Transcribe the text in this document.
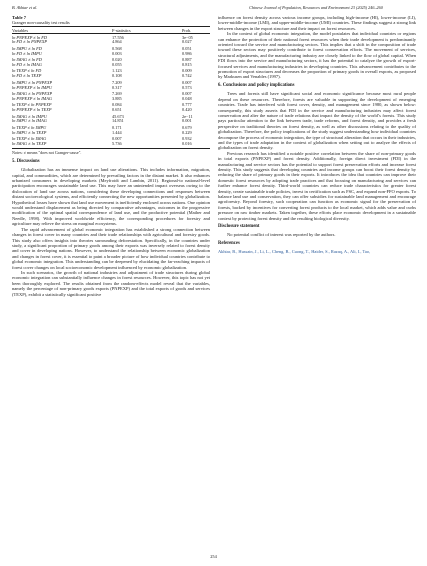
B. Akhtar et al.	Chinese Journal of Population, Resources and Environment 23 (2025) 246–260
Table 7
Granger non-causality test results
Variables	F-statistics	Prob.
ln PNPEXP ≠ ln FD	17.556	3e−05
ln FD ≠ ln PNPEXP	4.864	0.027
ln IMPU ≠ ln FD	0.568	0.051
ln FD ≠ ln IMPU	0.003	0.986
ln IMAG ≠ ln FD	0.020	0.887
ln FD ≠ ln IMAG	0.055	0.815
ln TEXP ≠ ln FD	1.123	0.009
ln FD ≠ ln TEXP	0.108	0.742
ln IMPU ≠ ln PNPEXP	7.209	0.007
ln PNPEXP ≠ ln IMPU	0.317	0.573
ln IMAG ≠ ln PNPEXP	7.269	0.007
ln PNPEXP ≠ ln IMAG	3.885	0.048
ln TEXP ≠ ln PNPEXP	0.084	0.777
ln PNPEXP ≠ ln TEXP	0.651	0.420
ln IMAG ≠ ln IMPU	45.673	2e−11
ln IMPU ≠ ln IMAG	14.851	0.001
ln TEXP ≠ ln IMPU	0.171	0.679
ln IMPU ≠ ln TEXP	1.444	0.229
ln TEXP ≠ ln IMAG	0.007	0.932
ln IMAG ≠ ln TEXP	5.736	0.016
Notes: ≠ means "does not Granger-cause".
5. Discussions

Globalization has an immense impact on land use alterations. This includes information, migration, capital, and commodities, which are determined by prevailing factors in the distant market. It also enhances urbanized consumers in developing markets (Meyfroidt and Lambin, 2011). Regional-to national-level participation encourages sustainable land use. This may have an unintended impact overseas owing to the dislocation of land use across nations, considering these developing connections and responses between distant socioecological systems, and efficiently connecting the new opportunities presented by globalization. Hypothetical losses have shown that land use movement is inefficiently enclosed across nations. One opinion would understand displacement as being directed by comparative advantages, outcomes in the progressive modification of the optimal spatial correspondence of land use, and the productive potential (Mather and Needle, 1998). With improved worldwide efficiency, the corresponding procedures for forestry and agriculture may relieve the stress on marginal ecosystems.

The rapid advancement of global economic integration has established a strong connection between changes in forest cover in many countries and their trade relationships with agricultural and forestry goods. This study also offers insights into theories surrounding deforestation. Specifically, in the countries under study, a significant proportion of primary goods among their exports was inversely related to forest density and cover in developing nations. However, to understand the relationship between economic globalization and changes in forest cover, it is essential to paint a broader picture of how individual countries contribute to global economic integration. This understanding can be deepened by elucidating the far-reaching impacts of forest cover changes on local socioeconomic development influenced by economic globalization.

In such scenarios, the growth of national industries and adjustment of trade structures during global economic integration can substantially influence changes in forest resources. However, this topic has not yet been thoroughly explored. The results obtained from the random-effects model reveal that the variables, namely the percentage of non-primary goods exports (PNPEXP) and the total exports of goods and services (TEXP), exhibit a statistically significant positive

influence on forest density across various income groups, including high-income (HI), lower-income (LI), lower-middle-income (LMI), and upper-middle-income (UMI) countries. These findings suggest a strong link between changes in the export structure and their impact on forest resources.

In the context of global economic integration, the model postulates that individual countries or regions can enhance the protection of their national forest resources when their trade development is predominantly oriented toward the service and manufacturing sectors. This implies that a shift in the composition of trade toward these sectors may positively contribute to forest conservation efforts. The movement of services, structural adjustments, and the manufacturing industry are closely linked to the flow of global capital. When FDI flows into the service and manufacturing sectors, it has the potential to catalyze the growth of export-focused services and manufacturing industries in developing countries. This advancement contributes to the promotion of export structures and decreases the proportion of primary goods in overall exports, as proposed by Markusen and Venables (1997).

6. Conclusions and policy implications

Trees and forests still have significant social and economic significance because most rural people depend on these resources. Therefore, forests are valuable in supporting the development of emerging countries. Trade has interfered with forest cover, density, and management since 1980, as shown below: consequently, this study asserts that FDI in the service and manufacturing industries may affect forest conservation and alter the nature of trade relations that impact the density of the world’s forests. This study pays particular attention to the link between trade, trade reforms, and forest density, and provides a fresh perspective on traditional theories on forest density, as well as other discussions relating to the quality of globalization. Therefore, the policy implications of the study suggest understanding how individual countries decompose the process of economic integration, the type of structural alteration that occurs in their industries, and the types of trade adaptation in the context of globalization when setting out to analyze the effects of globalization on forest density.

Previous research has identified a notable positive correlation between the share of non-primary goods in total exports (PNPEXP) and forest density. Additionally, foreign direct investment (FDI) in the manufacturing and service sectors has the potential to support forest preservation efforts and increase forest density. This study suggests that developing countries and income groups can boost their forest density by reducing the share of primary goods in their exports. It introduces the idea that countries can improve their domestic forest resources by adopting trade practices and that focusing on manufacturing and services can further enhance forest density. Third-world countries can reduce trade characteristics for greater forest density, create sustainable trade policies, invest in certification such as FSC, and expand non-FFO exports. To balance land use and conservation, they can offer subsidies for sustainable land management and encourage agroforestry. Beyond forestry, such cooperation can function as economic signal for the preservation of forests, backed by incentives for converting forest products to the local market, which adds value and curbs pressure on raw timber markets. Taken together, these efforts place economic development in a sustainable context by protecting forest density and the resulting biological diversity.

Disclosure statement

No potential conflict of interest was reported by the authors.

References
Akhtar, B., Hussain, J., Li, L., Cheng, B., Cuong, T., Haider, S., Razaq, A., Ali, I., Tao,
254
